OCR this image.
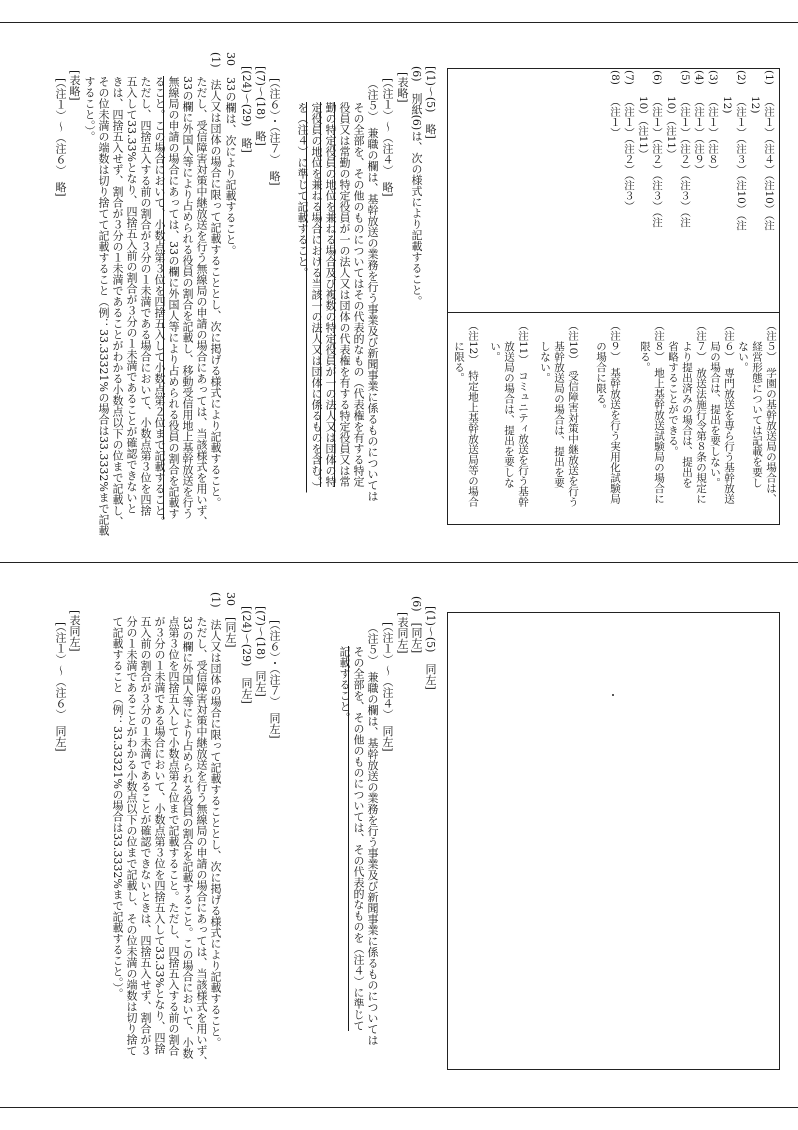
[(1)〜(5)　略]
(6)　別紙(6)は、次の様式により記載すること。
[表略]
[（注１）〜（注４）　略]
（注５）　兼職の欄は、基幹放送の業務を行う事業及び新聞事業に係るものについては
その全部を、その他のものについてはその代表的なもの（代表権を有する特定
役員又は常勤の特定役員が一の法人又は団体の代表権を有する特定役員又は常
勤の特定役員の地位を兼ねる場合及び複数の特定役員が一の法人又は団体の特
定役員の地位を兼ねる場合における当該一の法人又は団体に係るものを含む。）
を（注４）に準じて記載すること。
[（注６）・（注７）　略]
[(7)〜(18)　略]
[(24)〜(29)　略]
30　33の欄は、次により記載すること。
(1)　法人又は団体の場合に限って記載することとし、次に掲げる様式により記載すること。
ただし、受信障害対策中継放送を行う無線局の申請の場合にあっては、当該様式を用いず、
33の欄に外国人等により占められる役員の割合を記載し、移動受信用地上基幹放送を行う
無線局の申請の場合にあっては、33の欄に外国人等により占められる役員の割合を記載す
ること。この場合において、小数点第３位を四捨五入して小数点第２位まで記載すること。
ただし、四捨五入する前の割合が３分の１未満である場合において、小数点第３位を四捨
五入して33.33%となり、四捨五入前の割合が３分の１未満であることが確認できないと
きは、四捨五入せず、割合が３分の１未満であることがわかる小数点以下の位まで記載し、
その位未満の端数は切り捨てて記載すること（例：33.33321%の場合は33.3332%まで記載
すること。）。
[表略]
[（注１）〜（注６）　略]
(1)
（注１）（注４）（注10）（注
12)
(2)
（注１）（注３）（注10）（注
12)
(3)
（注１）（注８）
(4)
（注１）（注９）
(5)
（注１）（注２）（注３）（注
10）（注11）
(6)
（注１）（注２）（注３）（注
10）（注11）
(7)
（注１）（注２）（注３）
(8)
（注１）
（注５）　学園の基幹放送局の場合は、
　　経営形態については記載を要し
　　ない。
（注６）　専門放送を専ら行う基幹放送
　　局の場合は、提出を要しない。
（注７）　放送法施行令第８条の規定に
　　より提出済みの場合は、提出を
　　省略することができる。
（注８）　地上基幹放送試験局の場合に
　　限る。
（注９）　基幹放送を行う実用化試験局
　　の場合に限る。
（注10）　受信障害対策中継放送を行う
　　基幹放送局の場合は、提出を要
　　しない。
（注11）　コミュニティ放送を行う基幹
　　放送局の場合は、提出を要しな
　　い。
（注12）　特定地上基幹放送局等の場合
　　に限る。
[(1)〜(5)　同左]
(6)　[同左]
[表同左]
[（注１）〜（注４）　同左]
（注５）　兼職の欄は、基幹放送の業務を行う事業及び新聞事業に係るものについては
その全部を、その他のものについては、その代表的なものを（注４）に準じて
記載すること。
[（注６）・（注７）　同左]
[(7)〜(18)　同左]
[(24)〜(29)　同左]
30　[同左]
(1)　法人又は団体の場合に限って記載することとし、次に掲げる様式により記載すること。
ただし、受信障害対策中継放送を行う無線局の申請の場合にあっては、当該様式を用いず、
33の欄に外国人等により占められる役員の割合を記載すること。この場合において、小数
点第３位を四捨五入して小数点第２位まで記載すること。ただし、四捨五入する前の割合
が３分の１未満である場合において、小数点第３位を四捨五入して33.33%となり、四捨
五入前の割合が３分の１未満であることが確認できないときは、四捨五入せず、割合が３
分の１未満であることがわかる小数点以下の位まで記載し、その位未満の端数は切り捨て
て記載すること（例：33.33321%の場合は33.3332%まで記載すること。）。
[表同左]
[（注１）〜（注６）　同左]
